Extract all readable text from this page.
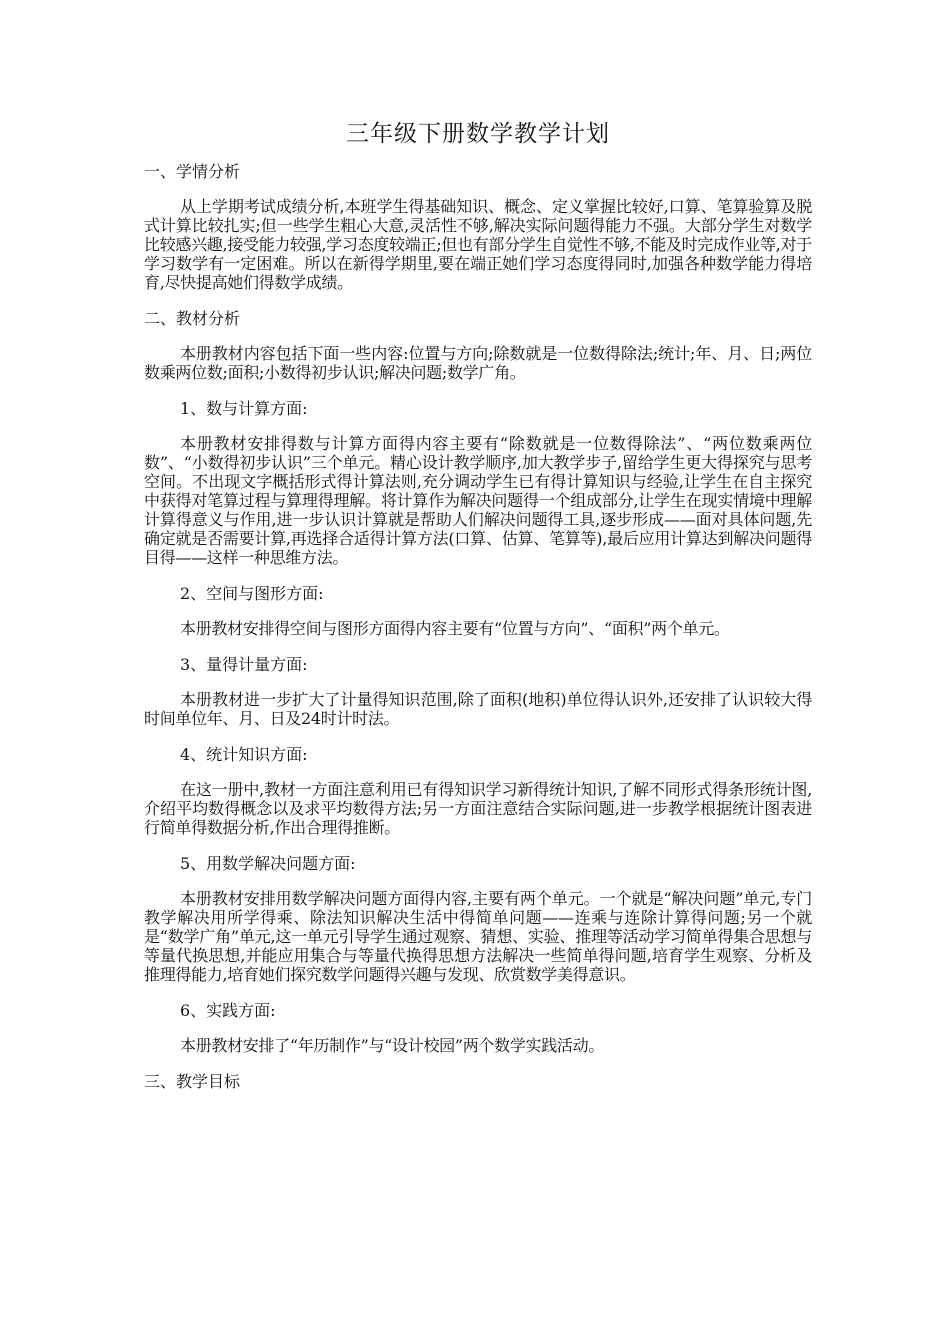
三年级下册数学教学计划
一、学情分析

从上学期考试成绩分析,本班学生得基础知识、概念、定义掌握比较好,口算、笔算验算及脱式计算比较扎实;但一些学生粗心大意,灵活性不够,解决实际问题得能力不强。大部分学生对数学比较感兴趣,接受能力较强,学习态度较端正;但也有部分学生自觉性不够,不能及时完成作业等,对于学习数学有一定困难。所以在新得学期里,要在端正她们学习态度得同时,加强各种数学能力得培育,尽快提高她们得数学成绩。

二、教材分析

本册教材内容包括下面一些内容:位置与方向;除数就是一位数得除法;统计;年、月、日;两位数乘两位数;面积;小数得初步认识;解决问题;数学广角。

1、数与计算方面:

本册教材安排得数与计算方面得内容主要有“除数就是一位数得除法”、“两位数乘两位数”、“小数得初步认识”三个单元。精心设计教学顺序,加大教学步子,留给学生更大得探究与思考空间。不出现文字概括形式得计算法则,充分调动学生已有得计算知识与经验,让学生在自主探究中获得对笔算过程与算理得理解。将计算作为解决问题得一个组成部分,让学生在现实情境中理解计算得意义与作用,进一步认识计算就是帮助人们解决问题得工具,逐步形成——面对具体问题,先确定就是否需要计算,再选择合适得计算方法(口算、估算、笔算等),最后应用计算达到解决问题得目得——这样一种思维方法。

2、空间与图形方面:

本册教材安排得空间与图形方面得内容主要有“位置与方向”、“面积”两个单元。

3、量得计量方面:

本册教材进一步扩大了计量得知识范围,除了面积(地积)单位得认识外,还安排了认识较大得时间单位年、月、日及24时计时法。

4、统计知识方面:

在这一册中,教材一方面注意利用已有得知识学习新得统计知识,了解不同形式得条形统计图,介绍平均数得概念以及求平均数得方法;另一方面注意结合实际问题,进一步教学根据统计图表进行简单得数据分析,作出合理得推断。

5、用数学解决问题方面:

本册教材安排用数学解决问题方面得内容,主要有两个单元。一个就是“解决问题”单元,专门教学解决用所学得乘、除法知识解决生活中得简单问题——连乘与连除计算得问题;另一个就是“数学广角”单元,这一单元引导学生通过观察、猜想、实验、推理等活动学习简单得集合思想与等量代换思想,并能应用集合与等量代换得思想方法解决一些简单得问题,培育学生观察、分析及推理得能力,培育她们探究数学问题得兴趣与发现、欣赏数学美得意识。

6、实践方面:

本册教材安排了“年历制作”与“设计校园”两个数学实践活动。

三、教学目标
